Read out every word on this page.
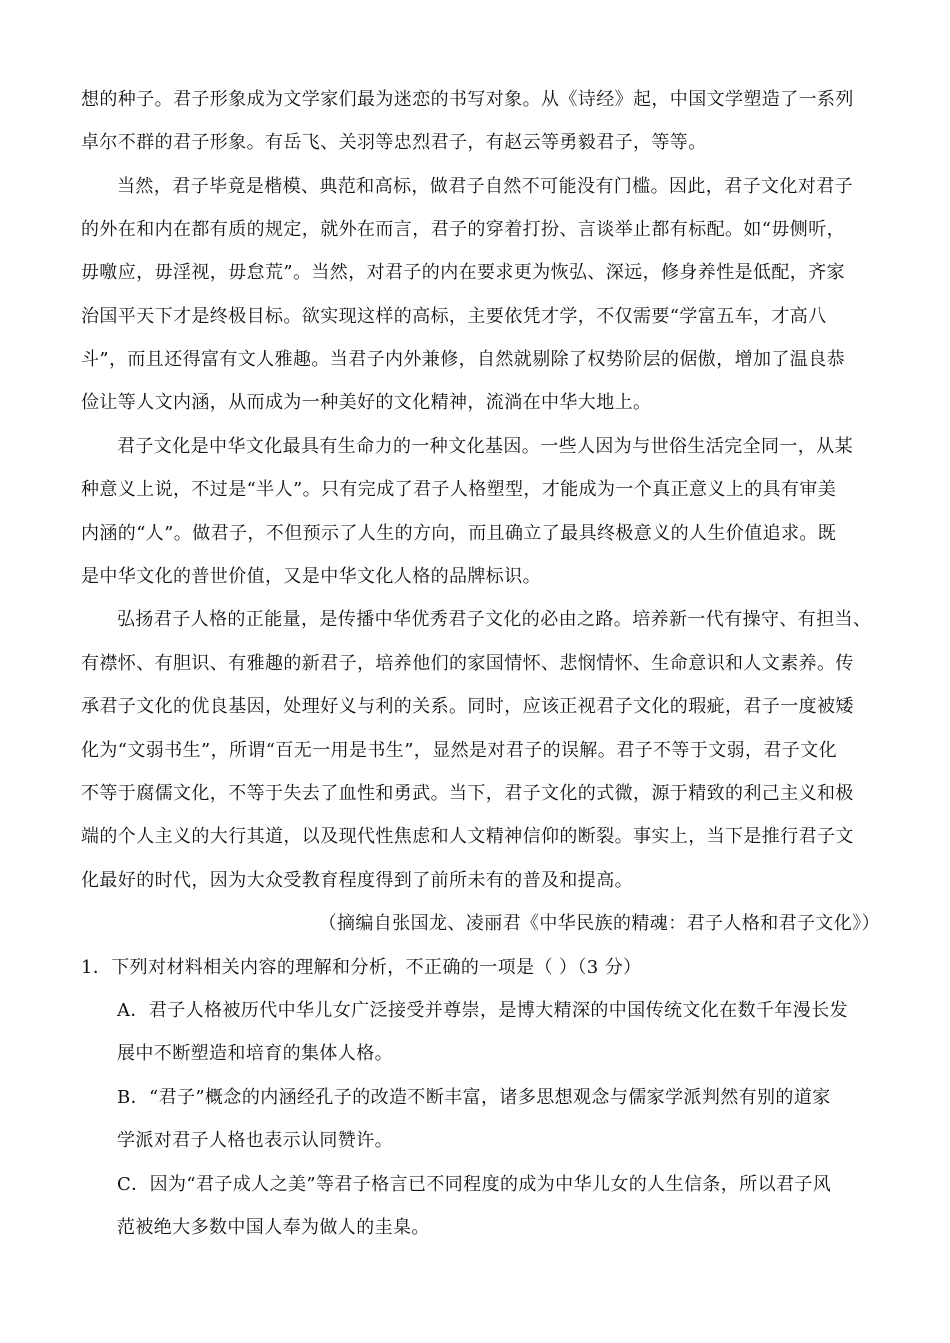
想的种子。君子形象成为文学家们最为迷恋的书写对象。从《诗经》起，中国文学塑造了一系列
卓尔不群的君子形象。有岳飞、关羽等忠烈君子，有赵云等勇毅君子，等等。
当然，君子毕竟是楷模、典范和高标，做君子自然不可能没有门槛。因此，君子文化对君子
的外在和内在都有质的规定，就外在而言，君子的穿着打扮、言谈举止都有标配。如“毋侧听，
毋噭应，毋淫视，毋怠荒”。当然，对君子的内在要求更为恢弘、深远，修身养性是低配，齐家
治国平天下才是终极目标。欲实现这样的高标，主要依凭才学，不仅需要“学富五车，才高八
斗”，而且还得富有文人雅趣。当君子内外兼修，自然就剔除了权势阶层的倨傲，增加了温良恭
俭让等人文内涵，从而成为一种美好的文化精神，流淌在中华大地上。
君子文化是中华文化最具有生命力的一种文化基因。一些人因为与世俗生活完全同一，从某
种意义上说，不过是“半人”。只有完成了君子人格塑型，才能成为一个真正意义上的具有审美
内涵的“人”。做君子，不但预示了人生的方向，而且确立了最具终极意义的人生价值追求。既
是中华文化的普世价值，又是中华文化人格的品牌标识。
弘扬君子人格的正能量，是传播中华优秀君子文化的必由之路。培养新一代有操守、有担当、
有襟怀、有胆识、有雅趣的新君子，培养他们的家国情怀、悲悯情怀、生命意识和人文素养。传
承君子文化的优良基因，处理好义与利的关系。同时，应该正视君子文化的瑕疵，君子一度被矮
化为“文弱书生”，所谓“百无一用是书生”，显然是对君子的误解。君子不等于文弱，君子文化
不等于腐儒文化，不等于失去了血性和勇武。当下，君子文化的式微，源于精致的利己主义和极
端的个人主义的大行其道，以及现代性焦虑和人文精神信仰的断裂。事实上，当下是推行君子文
化最好的时代，因为大众受教育程度得到了前所未有的普及和提高。
（摘编自张国龙、凌丽君《中华民族的精魂：君子人格和君子文化》）
1．下列对材料相关内容的理解和分析，不正确的一项是（ ）（3 分）
A．君子人格被历代中华儿女广泛接受并尊崇，是博大精深的中国传统文化在数千年漫长发
展中不断塑造和培育的集体人格。
B．“君子”概念的内涵经孔子的改造不断丰富，诸多思想观念与儒家学派判然有别的道家
学派对君子人格也表示认同赞许。
C．因为“君子成人之美”等君子格言已不同程度的成为中华儿女的人生信条，所以君子风
范被绝大多数中国人奉为做人的圭臬。
